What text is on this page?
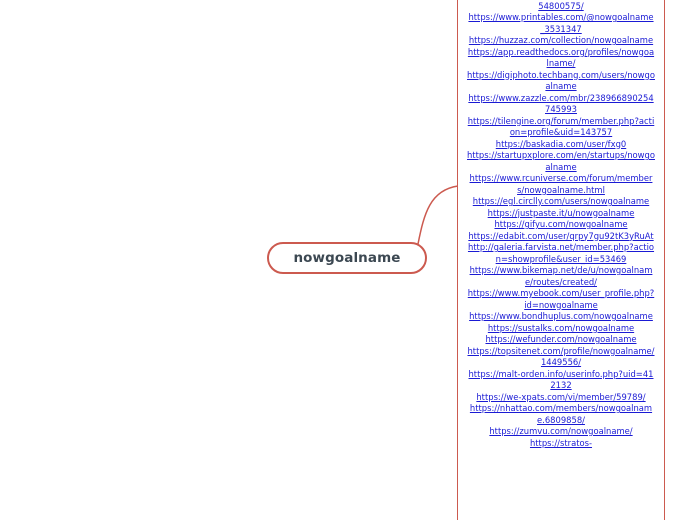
nowgoalname
54800575/
https://www.printables.com/@nowgoalname_3531347
https://huzzaz.com/collection/nowgoalname
https://app.readthedocs.org/profiles/nowgoalname/
https://digiphoto.techbang.com/users/nowgoalname
https://www.zazzle.com/mbr/238966890254745993
https://tilengine.org/forum/member.php?action=profile&uid=143757
https://baskadia.com/user/fxg0
https://startupxplore.com/en/startups/nowgoalname
https://www.rcuniverse.com/forum/members/nowgoalname.html
https://egl.circlly.com/users/nowgoalname
https://justpaste.it/u/nowgoalname
https://gifyu.com/nowgoalname
https://edabit.com/user/qrpy7gu92tK3yRuAt
http://galeria.farvista.net/member.php?action=showprofile&user_id=53469
https://www.bikemap.net/de/u/nowgoalname/routes/created/
https://www.myebook.com/user_profile.php?id=nowgoalname
https://www.bondhuplus.com/nowgoalname
https://sustalks.com/nowgoalname
https://wefunder.com/nowgoalname
https://topsitenet.com/profile/nowgoalname/1449556/
https://malt-orden.info/userinfo.php?uid=412132
https://we-xpats.com/vi/member/59789/
https://nhattao.com/members/nowgoalname.6809858/
https://zumvu.com/nowgoalname/
https://stratos-
